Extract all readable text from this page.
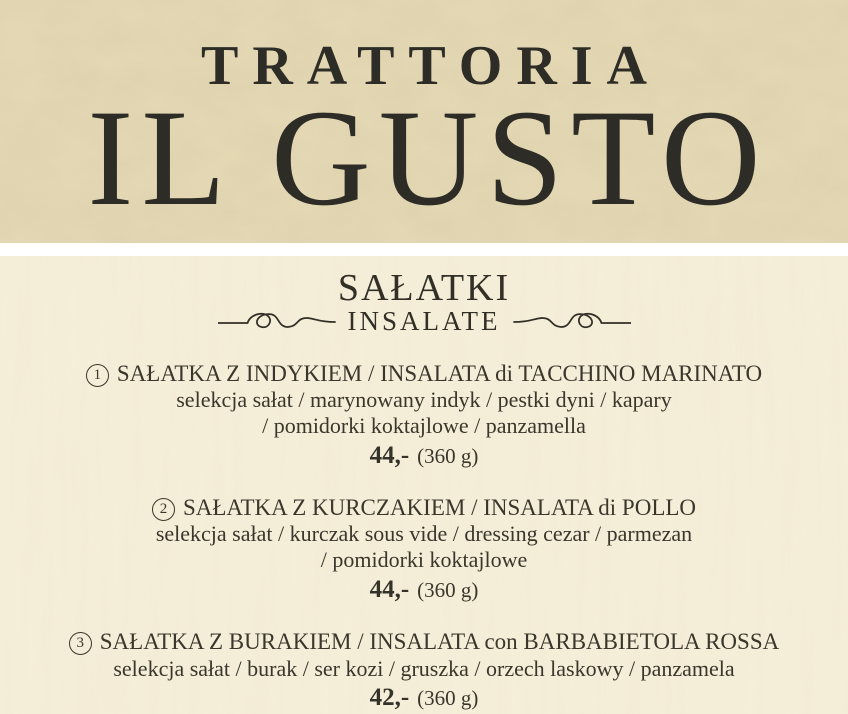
TRATTORIA
IL GUSTO
SAŁATKI
INSALATE
1 SAŁATKA Z INDYKIEM / INSALATA di TACCHINO MARINATO
selekcja sałat / marynowany indyk / pestki dyni / kapary
/ pomidorki koktajlowe / panzamella
44,- (360 g)
2 SAŁATKA Z KURCZAKIEM / INSALATA di POLLO
selekcja sałat / kurczak sous vide / dressing cezar / parmezan
/ pomidorki koktajlowe
44,- (360 g)
3 SAŁATKA Z BURAKIEM / INSALATA con BARBABIETOLA ROSSA
selekcja sałat / burak / ser kozi / gruszka / orzech laskowy / panzamela
42,- (360 g)
